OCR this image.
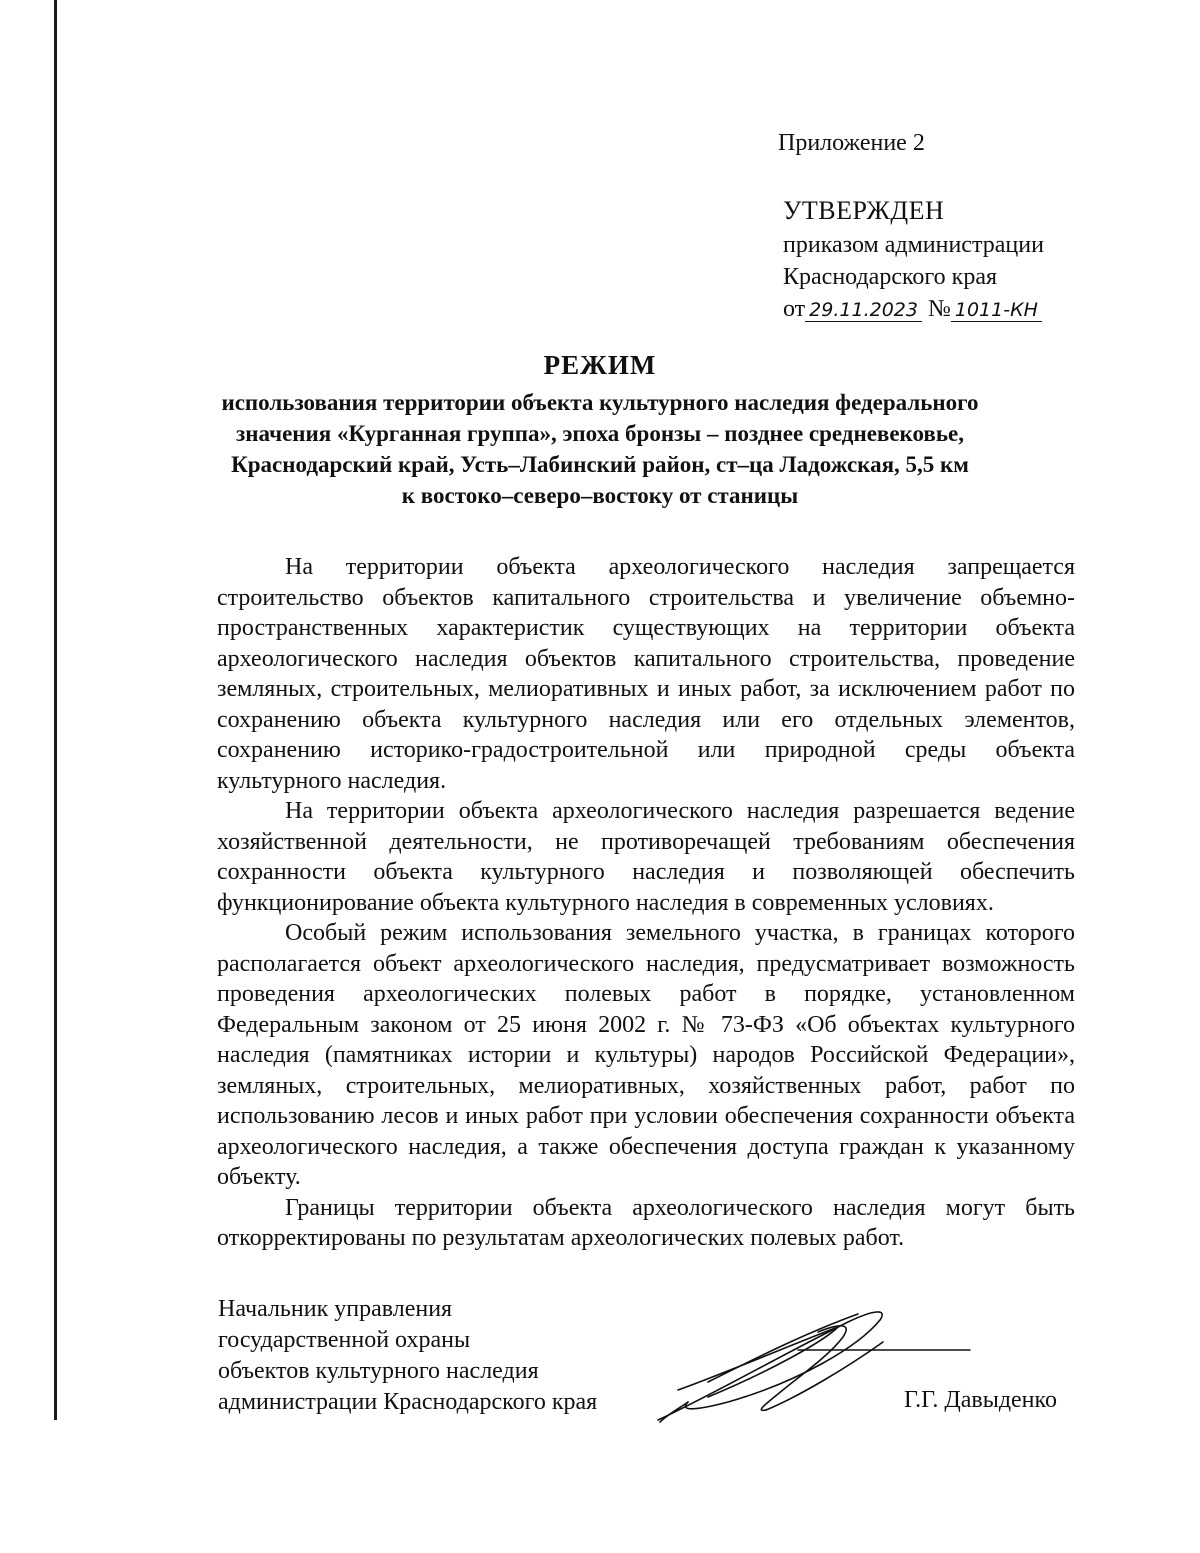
Приложение 2
УТВЕРЖДЕН
приказом администрации
Краснодарского края
от 29.11.2023 № 1011-КН
РЕЖИМ
использования территории объекта культурного наследия федерального
значения «Курганная группа», эпоха бронзы – позднее средневековье,
Краснодарский край, Усть–Лабинский район, ст–ца Ладожская, 5,5 км
к востоко–северо–востоку от станицы

На территории объекта археологического наследия запрещается строительство объектов капитального строительства и увеличение объемно-пространственных характеристик существующих на территории объекта археологического наследия объектов капитального строительства, проведение земляных, строительных, мелиоративных и иных работ, за исключением работ по сохранению объекта культурного наследия или его отдельных элементов, сохранению историко-градостроительной или природной среды объекта культурного наследия.

На территории объекта археологического наследия разрешается ведение хозяйственной деятельности, не противоречащей требованиям обеспечения сохранности объекта культурного наследия и позволяющей обеспечить функционирование объекта культурного наследия в современных условиях.

Особый режим использования земельного участка, в границах которого располагается объект археологического наследия, предусматривает возможность проведения археологических полевых работ в порядке, установленном Федеральным законом от 25 июня 2002 г. № 73-ФЗ «Об объектах культурного наследия (памятниках истории и культуры) народов Российской Федерации», земляных, строительных, мелиоративных, хозяйственных работ, работ по использованию лесов и иных работ при условии обеспечения сохранности объекта археологического наследия, а также обеспечения доступа граждан к указанному объекту.

Границы территории объекта археологического наследия могут быть откорректированы по результатам археологических полевых работ.

Начальник управления
государственной охраны
объектов культурного наследия
администрации Краснодарского края	Г.Г. Давыденко
